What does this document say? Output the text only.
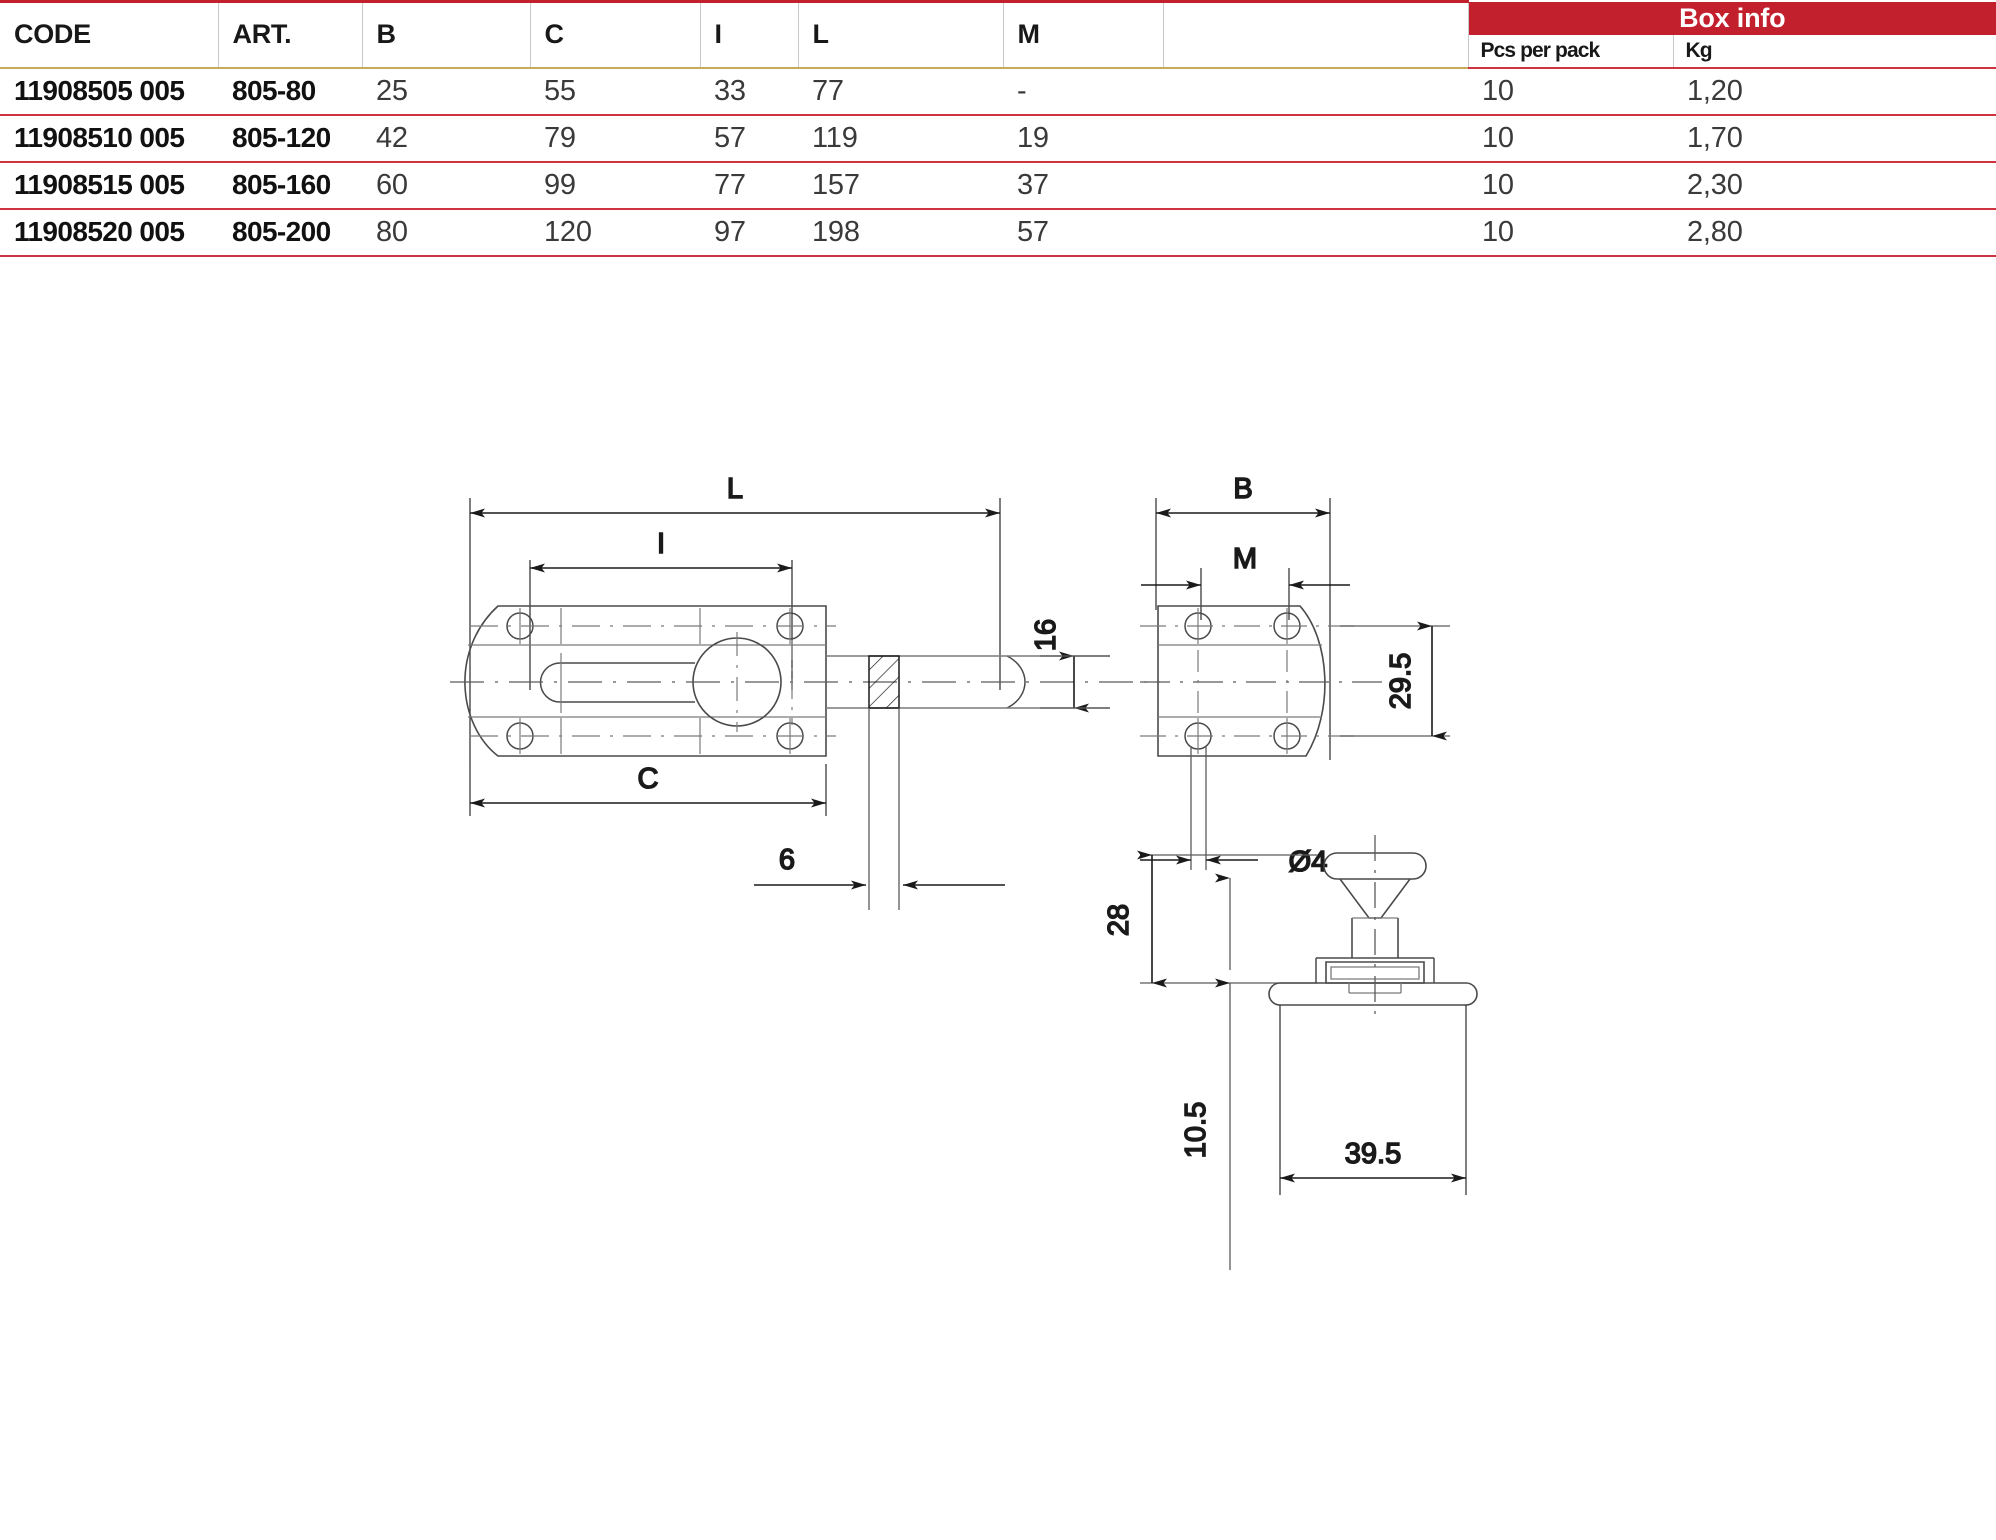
CODE	ART.	B	C	I	L	M		Box info	
								Pcs per pack	Kg

11908505 005	805-80	25	55	33	77	-		10	1,20

11908510 005	805-120	42	79	57	119	19		10	1,70

11908515 005	805-160	60	99	77	157	37		10	2,30

11908520 005	805-200	80	120	97	198	57		10	2,80

L
I
16
C
6
B
M
29.5
Ø4
28
10.5	39.5
